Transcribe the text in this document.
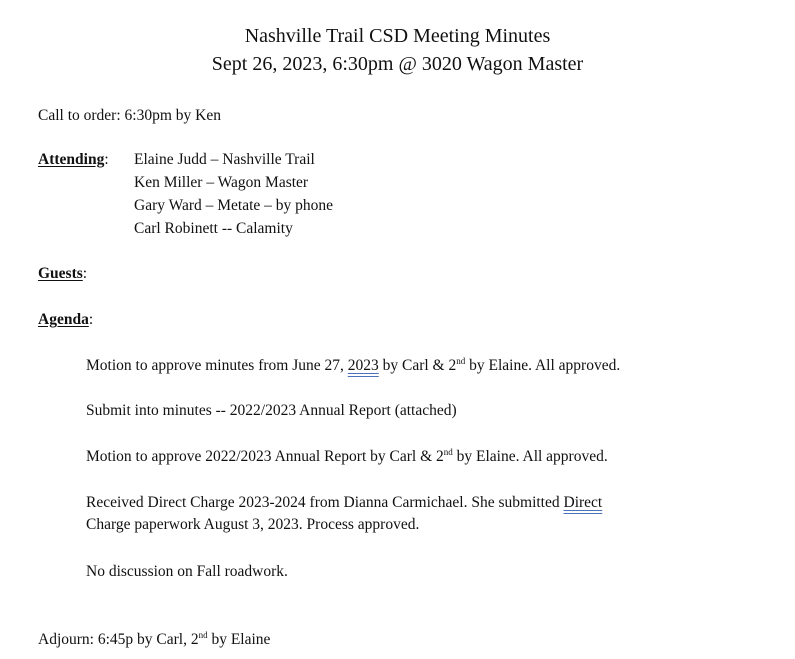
Nashville Trail CSD Meeting Minutes
Sept 26, 2023, 6:30pm @ 3020 Wagon Master
Call to order: 6:30pm by Ken
Attending: Elaine Judd – Nashville Trail
Ken Miller – Wagon Master
Gary Ward – Metate – by phone
Carl Robinett -- Calamity
Guests:
Agenda:
Motion to approve minutes from June 27, 2023 by Carl & 2nd by Elaine. All approved.
Submit into minutes -- 2022/2023 Annual Report (attached)
Motion to approve 2022/2023 Annual Report by Carl & 2nd by Elaine. All approved.
Received Direct Charge 2023-2024 from Dianna Carmichael. She submitted Direct
Charge paperwork August 3, 2023. Process approved.
No discussion on Fall roadwork.
Adjourn: 6:45p by Carl, 2nd by Elaine
